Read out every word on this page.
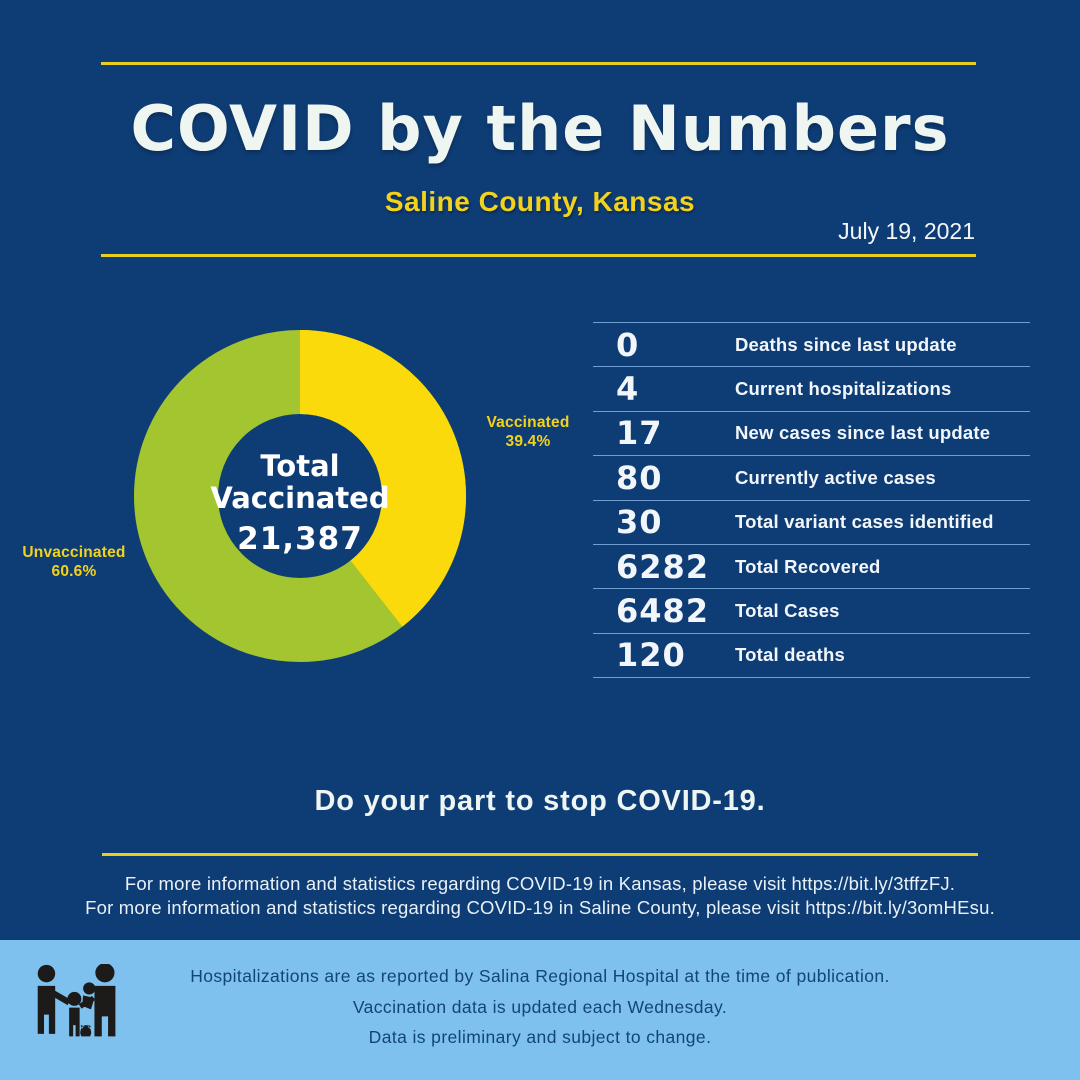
COVID by the Numbers
Saline County, Kansas
July 19, 2021
Total
Vaccinated
21,387
Vaccinated
39.4%
Unvaccinated
60.6%
0	Deaths since last update
4	Current hospitalizations
17	New cases since last update
80	Currently active cases
30	Total variant cases identified
6282	Total Recovered
6482	Total Cases
120	Total deaths
Do your part to stop COVID-19.
For more information and statistics regarding COVID-19 in Kansas, please visit https://bit.ly/3tffzFJ.
For more information and statistics regarding COVID-19 in Saline County, please visit https://bit.ly/3omHEsu.
Hospitalizations are as reported by Salina Regional Hospital at the time of publication.
Vaccination data is updated each Wednesday.
Data is preliminary and subject to change.
